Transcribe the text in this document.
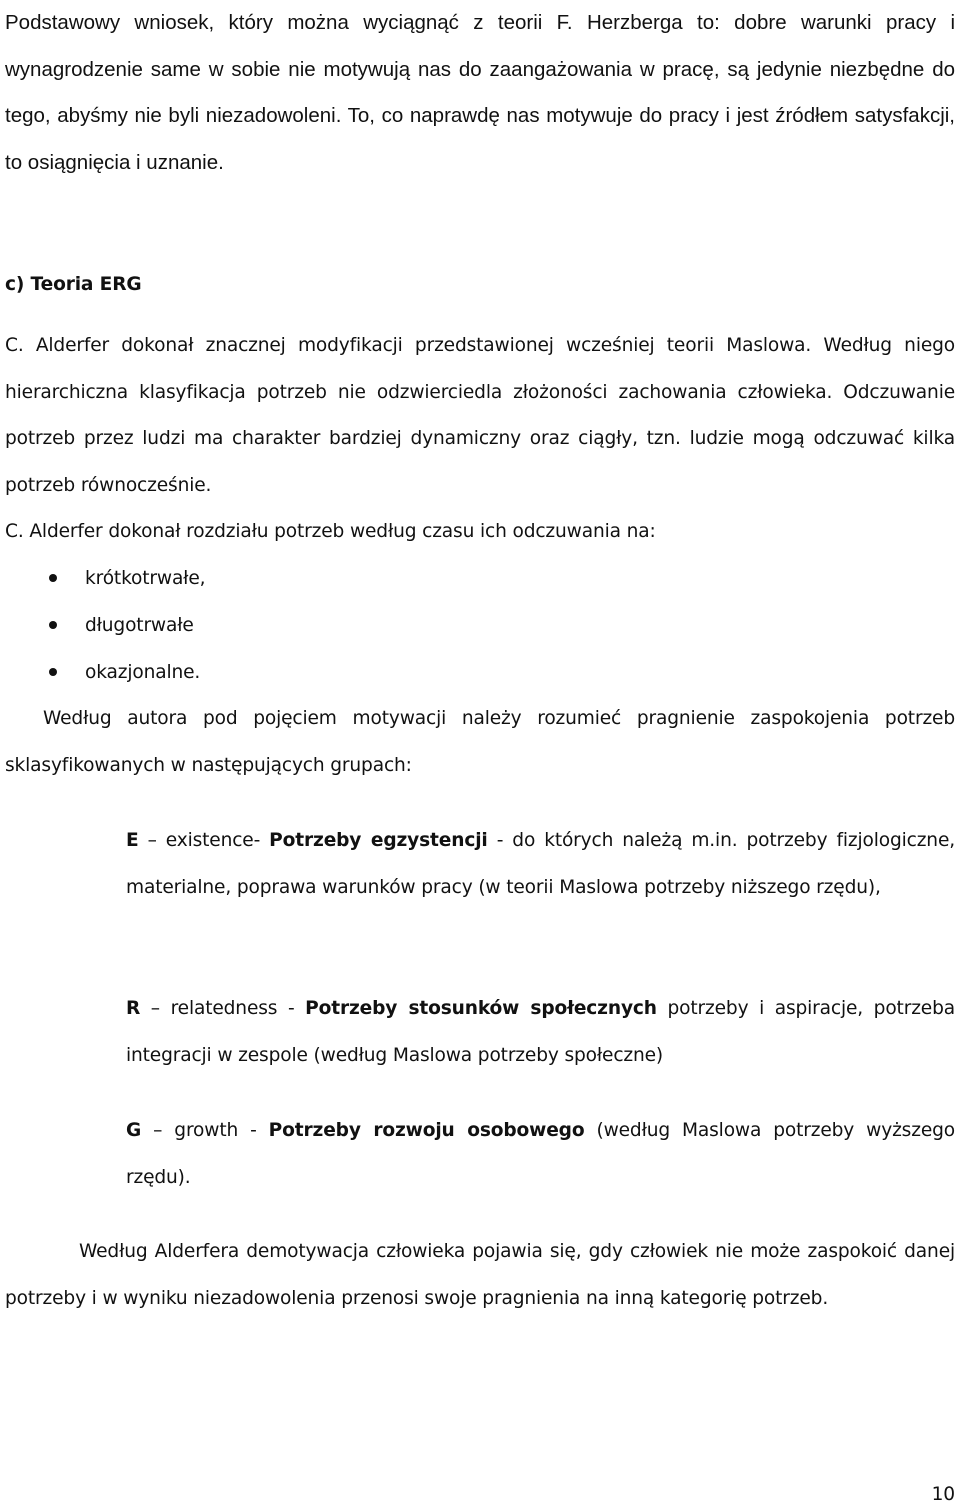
Podstawowy wniosek, który można wyciągnąć z teorii F. Herzberga to: dobre warunki pracy i wynagrodzenie same w sobie nie motywują nas do zaangażowania w pracę, są jedynie niezbędne do tego, abyśmy nie byli niezadowoleni. To, co naprawdę nas motywuje do pracy i jest źródłem satysfakcji, to osiągnięcia i uznanie.

c) Teoria ERG

C. Alderfer dokonał znacznej modyfikacji przedstawionej wcześniej teorii Maslowa. Według niego hierarchiczna klasyfikacja potrzeb nie odzwierciedla złożoności zachowania człowieka. Odczuwanie potrzeb przez ludzi ma charakter bardziej dynamiczny oraz ciągły, tzn. ludzie mogą odczuwać kilka potrzeb równocześnie.

C. Alderfer dokonał rozdziału potrzeb według czasu ich odczuwania na:

krótkotrwałe,
długotrwałe
okazjonalne.

Według autora pod pojęciem motywacji należy rozumieć pragnienie zaspokojenia potrzeb sklasyfikowanych w następujących grupach:

E – existence- Potrzeby egzystencji - do których należą m.in. potrzeby fizjologiczne, materialne, poprawa warunków pracy (w teorii Maslowa potrzeby niższego rzędu),

R – relatedness - Potrzeby stosunków społecznych potrzeby i aspiracje, potrzeba integracji w zespole (według Maslowa potrzeby społeczne)

G – growth - Potrzeby rozwoju osobowego (według Maslowa potrzeby wyższego rzędu).

Według Alderfera demotywacja człowieka pojawia się, gdy człowiek nie może zaspokoić danej potrzeby i w wyniku niezadowolenia przenosi swoje pragnienia na inną kategorię potrzeb.

10
